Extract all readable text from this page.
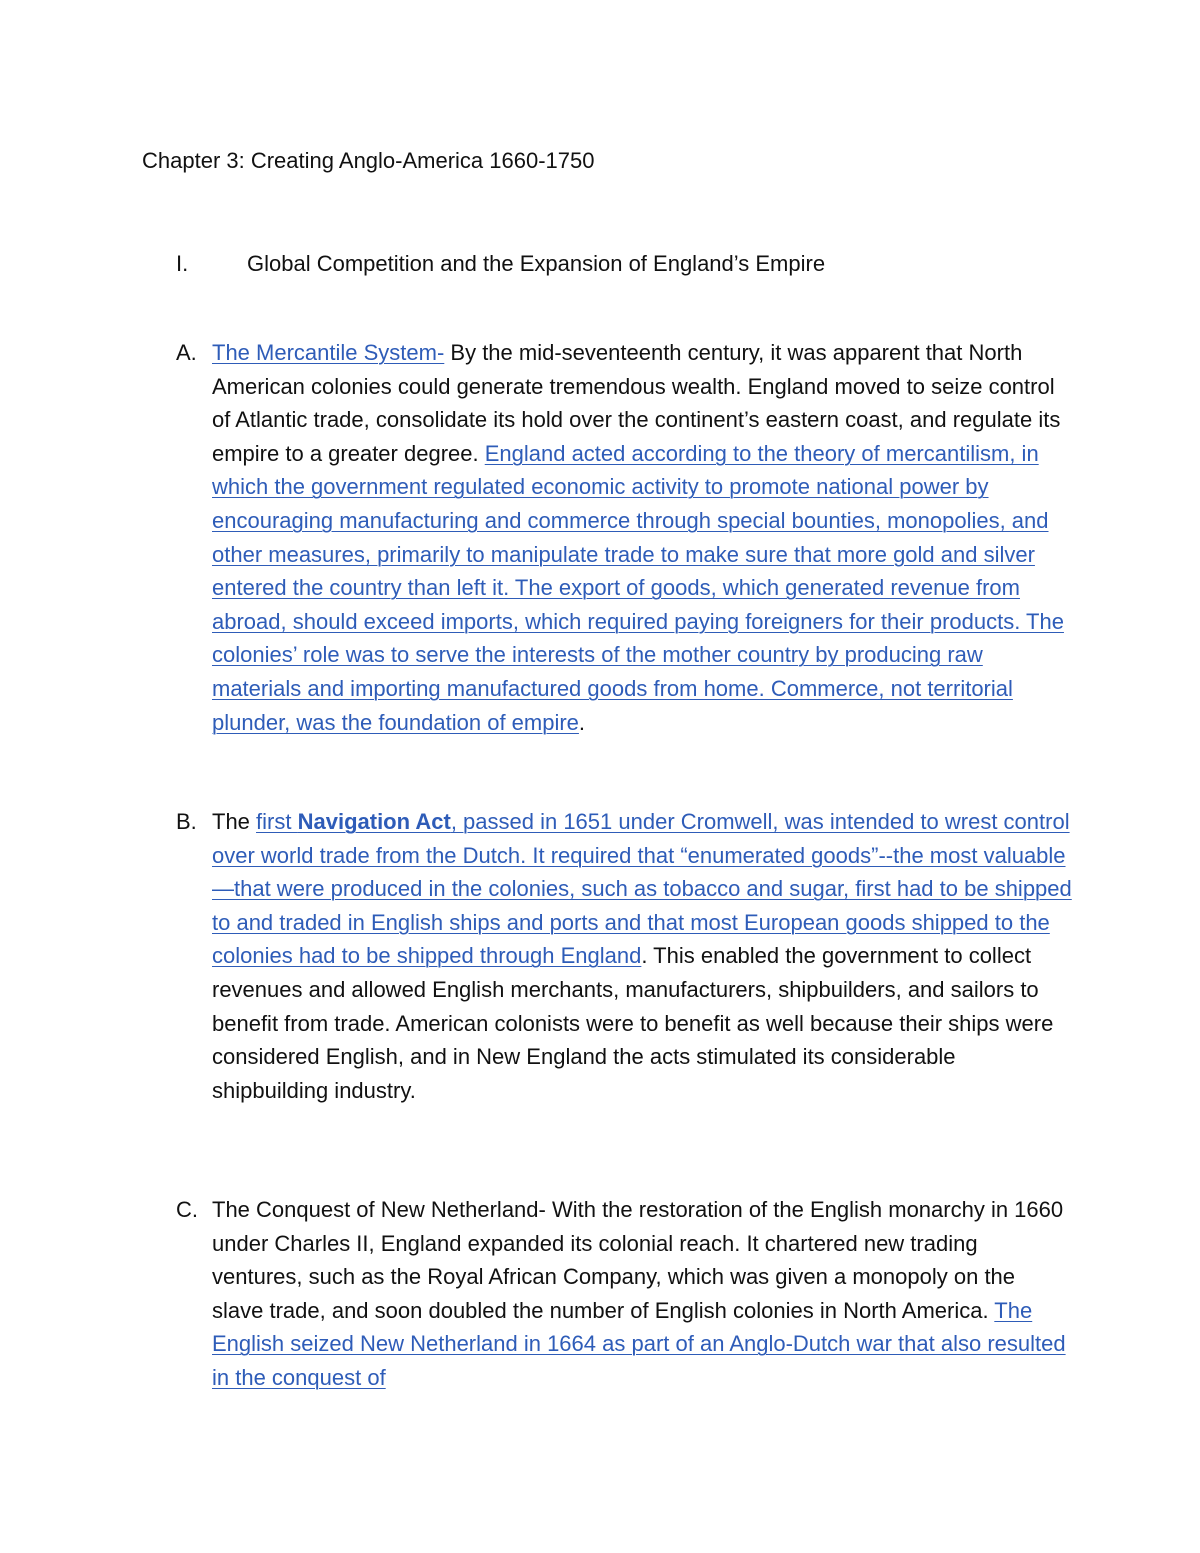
Chapter 3: Creating Anglo-America 1660-1750
I.	Global Competition and the Expansion of England’s Empire
A. The Mercantile System- By the mid-seventeenth century, it was apparent that North American colonies could generate tremendous wealth. England moved to seize control of Atlantic trade, consolidate its hold over the continent’s eastern coast, and regulate its empire to a greater degree. England acted according to the theory of mercantilism, in which the government regulated economic activity to promote national power by encouraging manufacturing and commerce through special bounties, monopolies, and other measures, primarily to manipulate trade to make sure that more gold and silver entered the country than left it. The export of goods, which generated revenue from abroad, should exceed imports, which required paying foreigners for their products. The colonies’ role was to serve the interests of the mother country by producing raw materials and importing manufactured goods from home. Commerce, not territorial plunder, was the foundation of empire.

B. The first Navigation Act, passed in 1651 under Cromwell, was intended to wrest control over world trade from the Dutch. It required that “enumerated goods”--the most valuable—that were produced in the colonies, such as tobacco and sugar, first had to be shipped to and traded in English ships and ports and that most European goods shipped to the colonies had to be shipped through England. This enabled the government to collect revenues and allowed English merchants, manufacturers, shipbuilders, and sailors to benefit from trade. American colonists were to benefit as well because their ships were considered English, and in New England the acts stimulated its considerable shipbuilding industry.

C. The Conquest of New Netherland- With the restoration of the English monarchy in 1660 under Charles II, England expanded its colonial reach. It chartered new trading ventures, such as the Royal African Company, which was given a monopoly on the slave trade, and soon doubled the number of English colonies in North America. The English seized New Netherland in 1664 as part of an Anglo-Dutch war that also resulted in the conquest of
